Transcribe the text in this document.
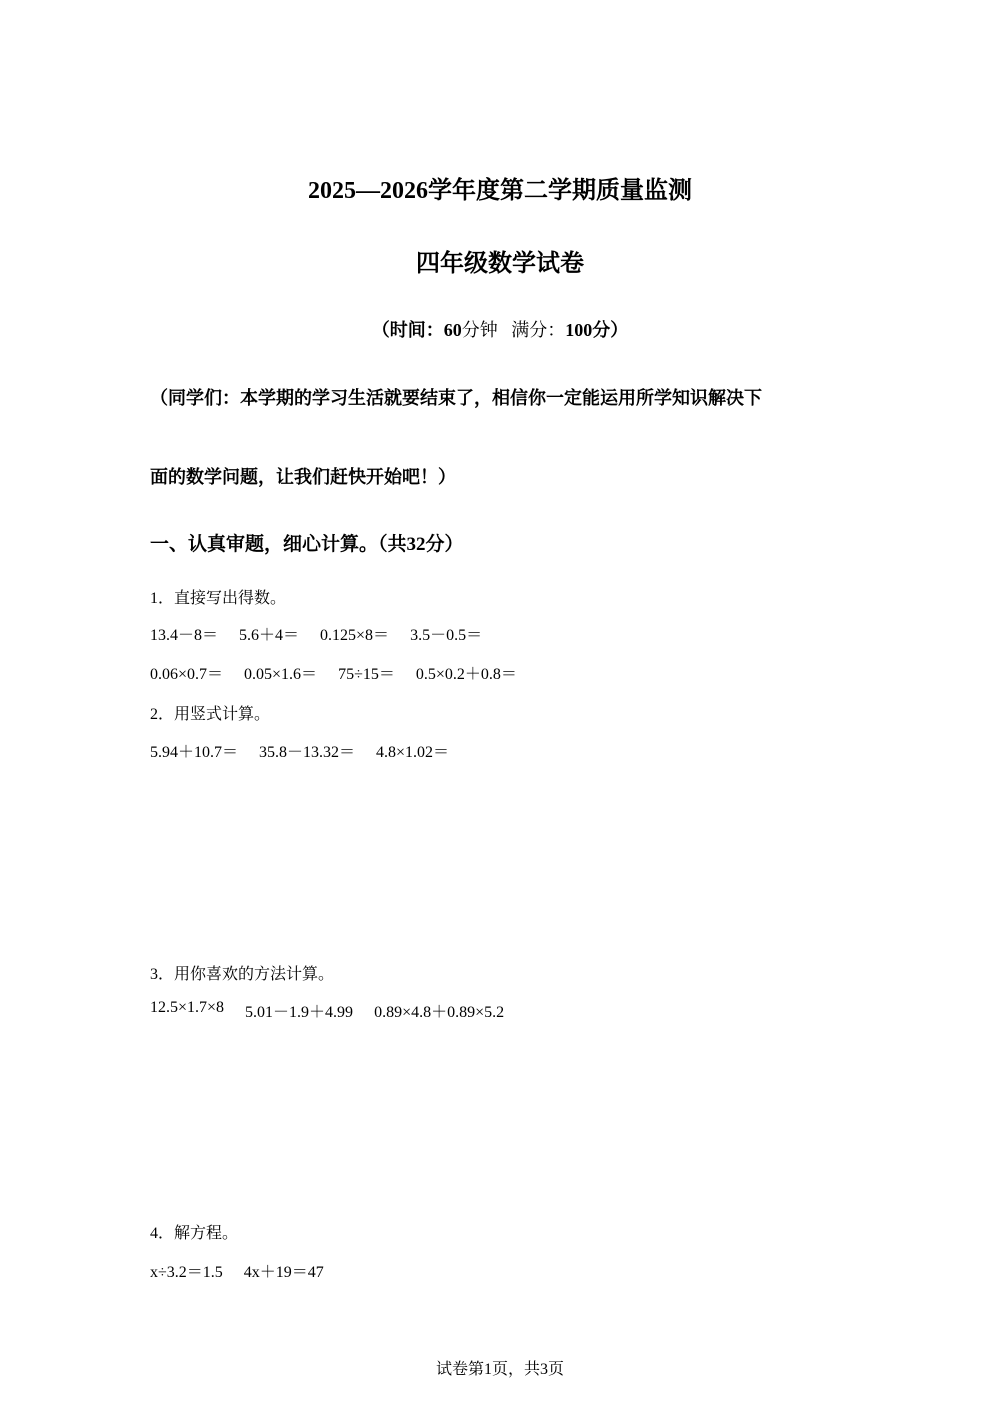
2025—2026学年度第二学期质量监测
四年级数学试卷
（时间：60分钟 满分：100分）
（同学们：本学期的学习生活就要结束了，相信你一定能运用所学知识解决下
面的数学问题，让我们赶快开始吧！）
一、认真审题，细心计算。（共32分）
1．直接写出得数。
13.4－8＝ 5.6＋4＝ 0.125×8＝ 3.5－0.5＝
0.06×0.7＝ 0.05×1.6＝ 75÷15＝ 0.5×0.2＋0.8＝
2．用竖式计算。
5.94＋10.7＝ 35.8－13.32＝ 4.8×1.02＝
3．用你喜欢的方法计算。
12.5×1.7×8 5.01－1.9＋4.99 0.89×4.8＋0.89×5.2
4．解方程。
x÷3.2＝1.5 4x＋19＝47
试卷第1页，共3页
